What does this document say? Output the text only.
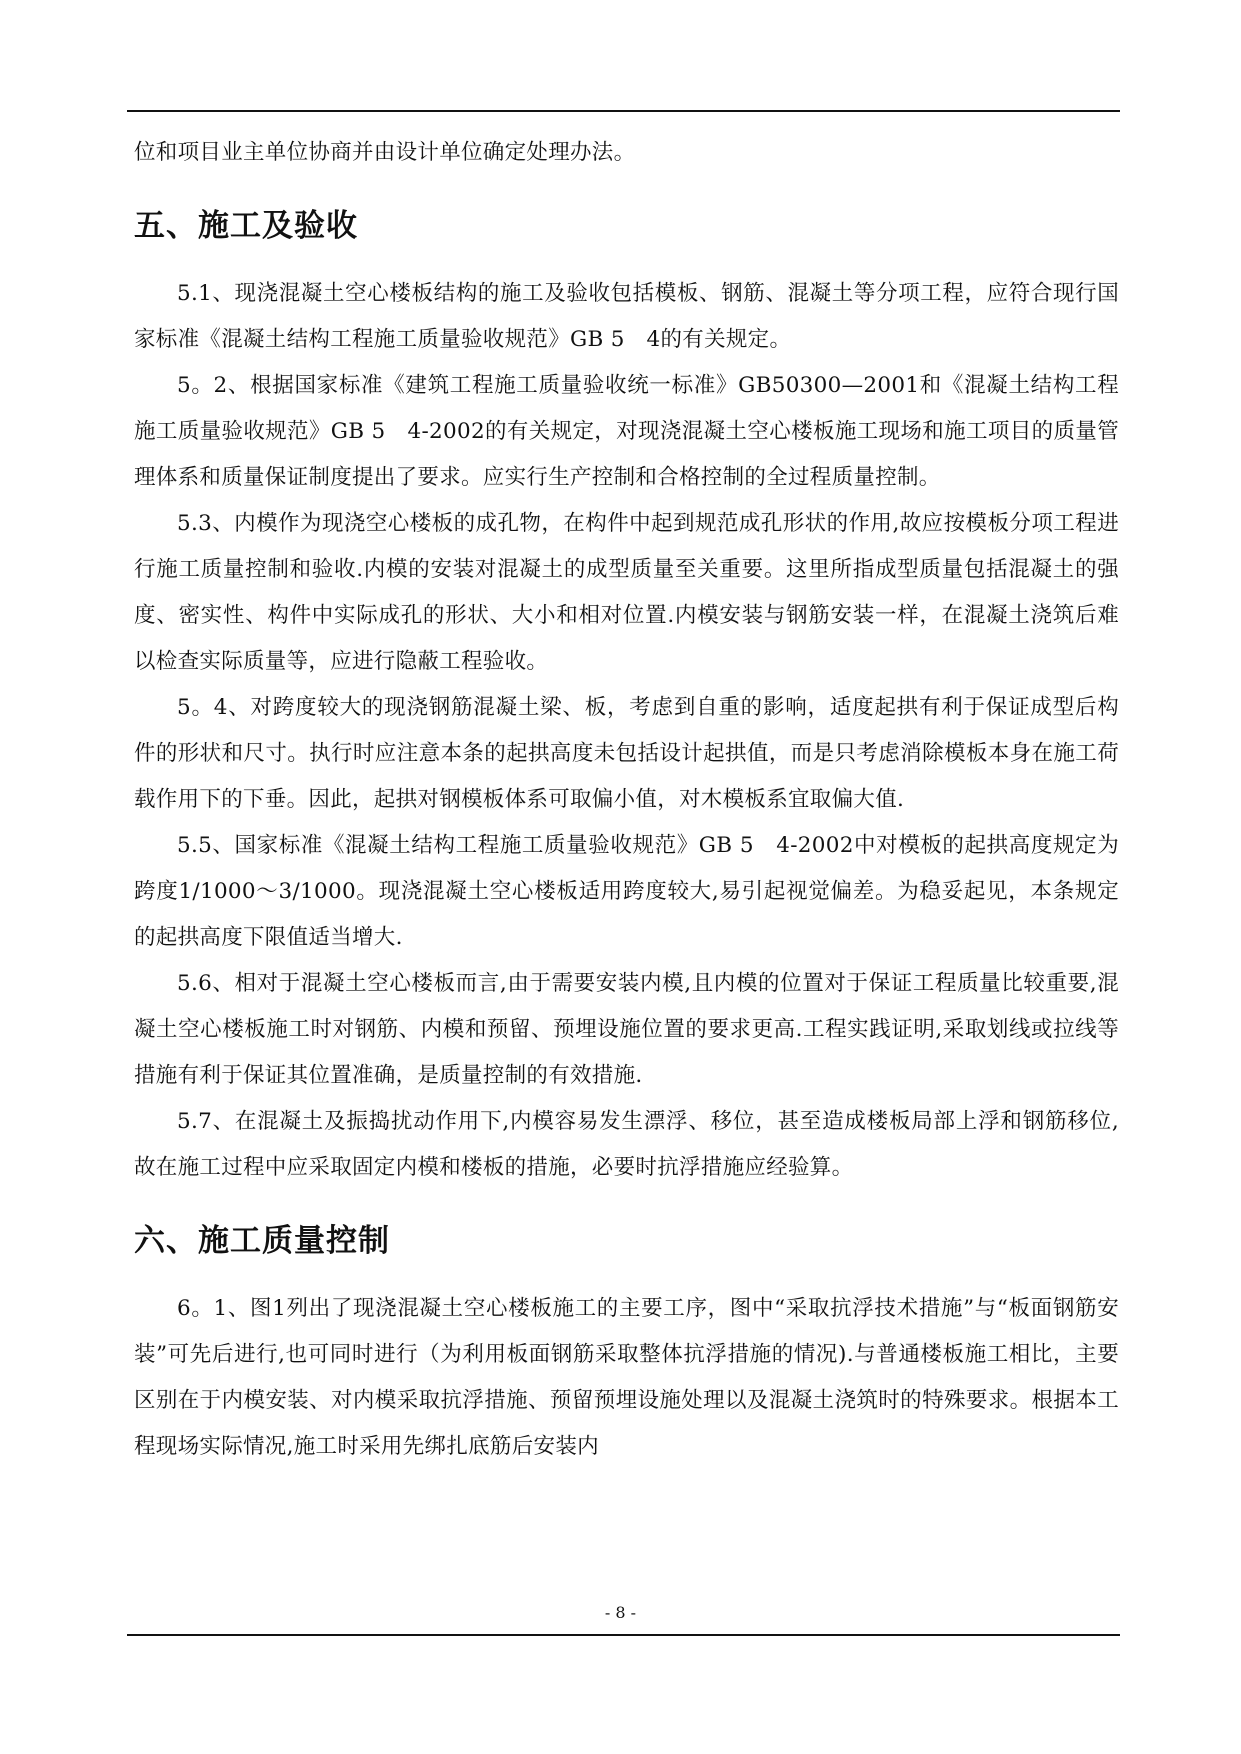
位和项目业主单位协商并由设计单位确定处理办法。

五、施工及验收

5.1、现浇混凝土空心楼板结构的施工及验收包括模板、钢筋、混凝土等分项工程，应符合现行国家标准《混凝土结构工程施工质量验收规范》GB 5　4的有关规定。

5。2、根据国家标准《建筑工程施工质量验收统一标准》GB50300—2001和《混凝土结构工程施工质量验收规范》GB 5　4-2002的有关规定，对现浇混凝土空心楼板施工现场和施工项目的质量管理体系和质量保证制度提出了要求。应实行生产控制和合格控制的全过程质量控制。

5.3、内模作为现浇空心楼板的成孔物，在构件中起到规范成孔形状的作用,故应按模板分项工程进行施工质量控制和验收.内模的安装对混凝土的成型质量至关重要。这里所指成型质量包括混凝土的强度、密实性、构件中实际成孔的形状、大小和相对位置.内模安装与钢筋安装一样，在混凝土浇筑后难以检查实际质量等，应进行隐蔽工程验收。

5。4、对跨度较大的现浇钢筋混凝土梁、板，考虑到自重的影响，适度起拱有利于保证成型后构件的形状和尺寸。执行时应注意本条的起拱高度未包括设计起拱值，而是只考虑消除模板本身在施工荷载作用下的下垂。因此，起拱对钢模板体系可取偏小值，对木模板系宜取偏大值.

5.5、国家标准《混凝土结构工程施工质量验收规范》GB 5　4-2002中对模板的起拱高度规定为跨度1/1000～3/1000。现浇混凝土空心楼板适用跨度较大,易引起视觉偏差。为稳妥起见，本条规定的起拱高度下限值适当增大.

5.6、相对于混凝土空心楼板而言,由于需要安装内模,且内模的位置对于保证工程质量比较重要,混凝土空心楼板施工时对钢筋、内模和预留、预埋设施位置的要求更高.工程实践证明,采取划线或拉线等措施有利于保证其位置准确，是质量控制的有效措施.

5.7、在混凝土及振捣扰动作用下,内模容易发生漂浮、移位，甚至造成楼板局部上浮和钢筋移位,故在施工过程中应采取固定内模和楼板的措施，必要时抗浮措施应经验算。

六、施工质量控制

6。1、图1列出了现浇混凝土空心楼板施工的主要工序，图中“采取抗浮技术措施”与“板面钢筋安装”可先后进行,也可同时进行（为利用板面钢筋采取整体抗浮措施的情况).与普通楼板施工相比，主要区别在于内模安装、对内模采取抗浮措施、预留预埋设施处理以及混凝土浇筑时的特殊要求。根据本工程现场实际情况,施工时采用先绑扎底筋后安装内

- 8 -
